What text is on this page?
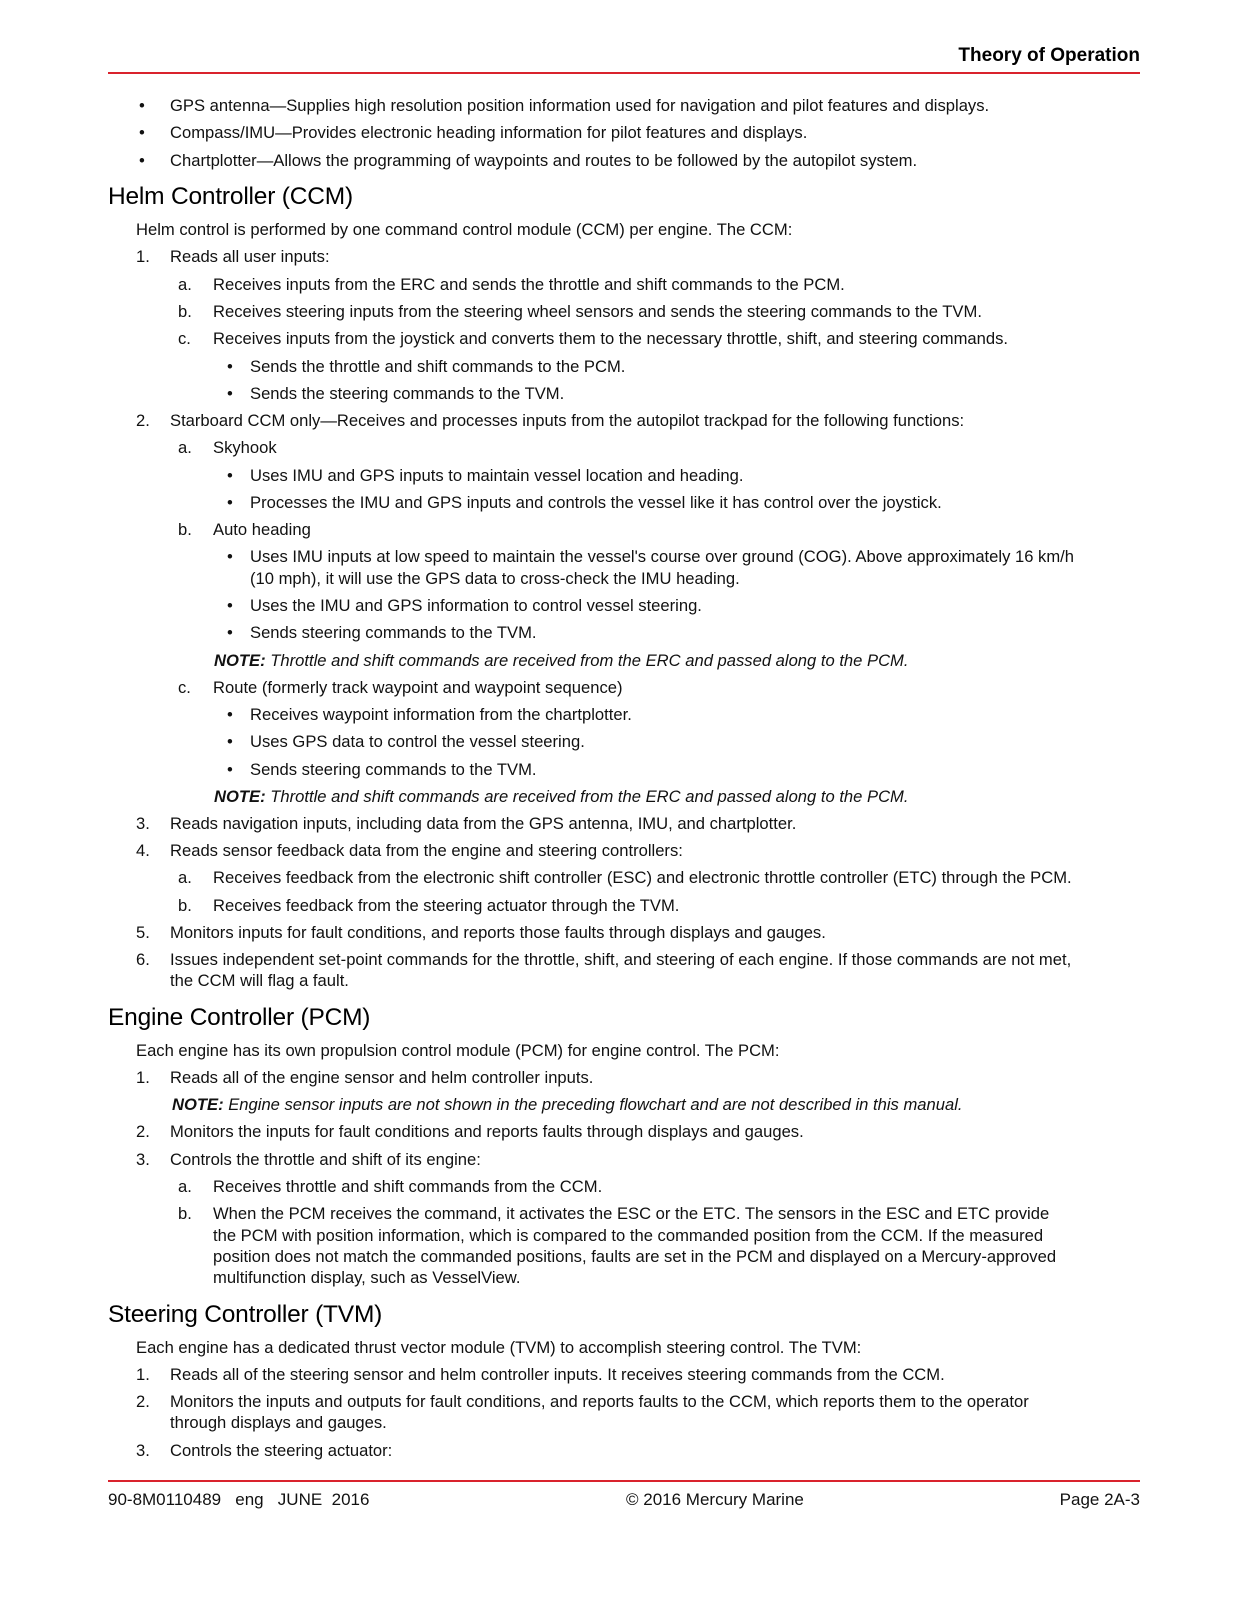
Theory of Operation
• GPS antenna—Supplies high resolution position information used for navigation and pilot features and displays.
• Compass/IMU—Provides electronic heading information for pilot features and displays.
• Chartplotter—Allows the programming of waypoints and routes to be followed by the autopilot system.
Helm Controller (CCM)
Helm control is performed by one command control module (CCM) per engine. The CCM:
1. Reads all user inputs:
a. Receives inputs from the ERC and sends the throttle and shift commands to the PCM.
b. Receives steering inputs from the steering wheel sensors and sends the steering commands to the TVM.
c. Receives inputs from the joystick and converts them to the necessary throttle, shift, and steering commands.
• Sends the throttle and shift commands to the PCM.
• Sends the steering commands to the TVM.
2. Starboard CCM only—Receives and processes inputs from the autopilot trackpad for the following functions:
a. Skyhook
• Uses IMU and GPS inputs to maintain vessel location and heading.
• Processes the IMU and GPS inputs and controls the vessel like it has control over the joystick.
b. Auto heading
• Uses IMU inputs at low speed to maintain the vessel's course over ground (COG). Above approximately 16 km/h
(10 mph), it will use the GPS data to cross-check the IMU heading.
• Uses the IMU and GPS information to control vessel steering.
• Sends steering commands to the TVM.
NOTE: Throttle and shift commands are received from the ERC and passed along to the PCM.
c. Route (formerly track waypoint and waypoint sequence)
• Receives waypoint information from the chartplotter.
• Uses GPS data to control the vessel steering.
• Sends steering commands to the TVM.
NOTE: Throttle and shift commands are received from the ERC and passed along to the PCM.
3. Reads navigation inputs, including data from the GPS antenna, IMU, and chartplotter.
4. Reads sensor feedback data from the engine and steering controllers:
a. Receives feedback from the electronic shift controller (ESC) and electronic throttle controller (ETC) through the PCM.
b. Receives feedback from the steering actuator through the TVM.
5. Monitors inputs for fault conditions, and reports those faults through displays and gauges.
6. Issues independent set-point commands for the throttle, shift, and steering of each engine. If those commands are not met,
the CCM will flag a fault.
Engine Controller (PCM)
Each engine has its own propulsion control module (PCM) for engine control. The PCM:
1. Reads all of the engine sensor and helm controller inputs.
NOTE: Engine sensor inputs are not shown in the preceding flowchart and are not described in this manual.
2. Monitors the inputs for fault conditions and reports faults through displays and gauges.
3. Controls the throttle and shift of its engine:
a. Receives throttle and shift commands from the CCM.
b. When the PCM receives the command, it activates the ESC or the ETC. The sensors in the ESC and ETC provide
the PCM with position information, which is compared to the commanded position from the CCM. If the measured
position does not match the commanded positions, faults are set in the PCM and displayed on a Mercury-approved
multifunction display, such as VesselView.
Steering Controller (TVM)
Each engine has a dedicated thrust vector module (TVM) to accomplish steering control. The TVM:
1. Reads all of the steering sensor and helm controller inputs. It receives steering commands from the CCM.
2. Monitors the inputs and outputs for fault conditions, and reports faults to the CCM, which reports them to the operator
through displays and gauges.
3. Controls the steering actuator:
90-8M0110489   eng   JUNE  2016	© 2016 Mercury Marine	Page 2A-3
